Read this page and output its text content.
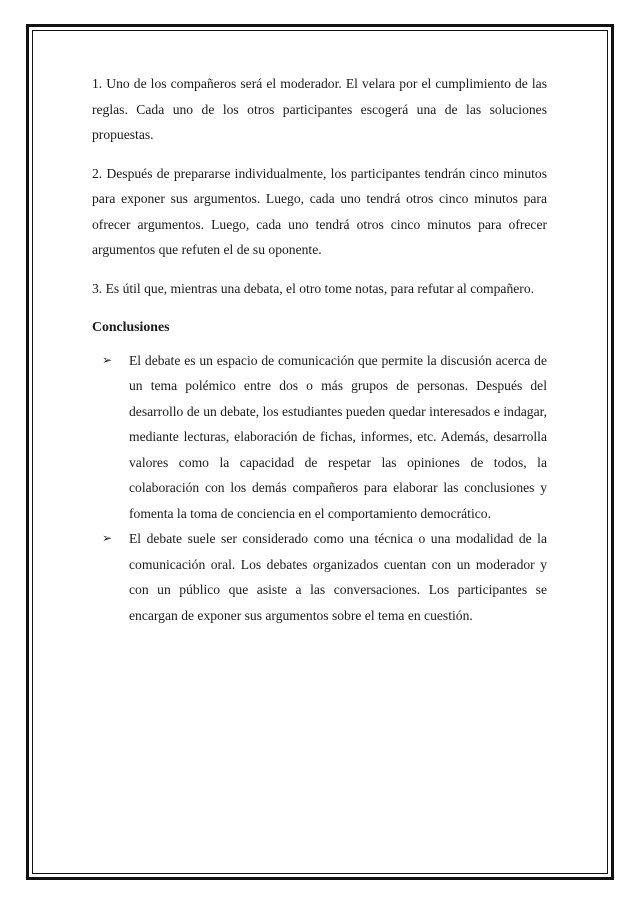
1. Uno de los compañeros será el moderador. El velara por el cumplimiento de las reglas. Cada uno de los otros participantes escogerá una de las soluciones propuestas.

2. Después de prepararse individualmente, los participantes tendrán cinco minutos para exponer sus argumentos. Luego, cada uno tendrá otros cinco minutos para ofrecer argumentos. Luego, cada uno tendrá otros cinco minutos para ofrecer argumentos que refuten el de su oponente.

3. Es útil que, mientras una debata, el otro tome notas, para refutar al compañero.

Conclusiones
➢ El debate es un espacio de comunicación que permite la discusión acerca de un tema polémico entre dos o más grupos de personas. Después del desarrollo de un debate, los estudiantes pueden quedar interesados e indagar, mediante lecturas, elaboración de fichas, informes, etc. Además, desarrolla valores como la capacidad de respetar las opiniones de todos, la colaboración con los demás compañeros para elaborar las conclusiones y fomenta la toma de conciencia en el comportamiento democrático.
➢ El debate suele ser considerado como una técnica o una modalidad de la comunicación oral. Los debates organizados cuentan con un moderador y con un público que asiste a las conversaciones. Los participantes se encargan de exponer sus argumentos sobre el tema en cuestión.
